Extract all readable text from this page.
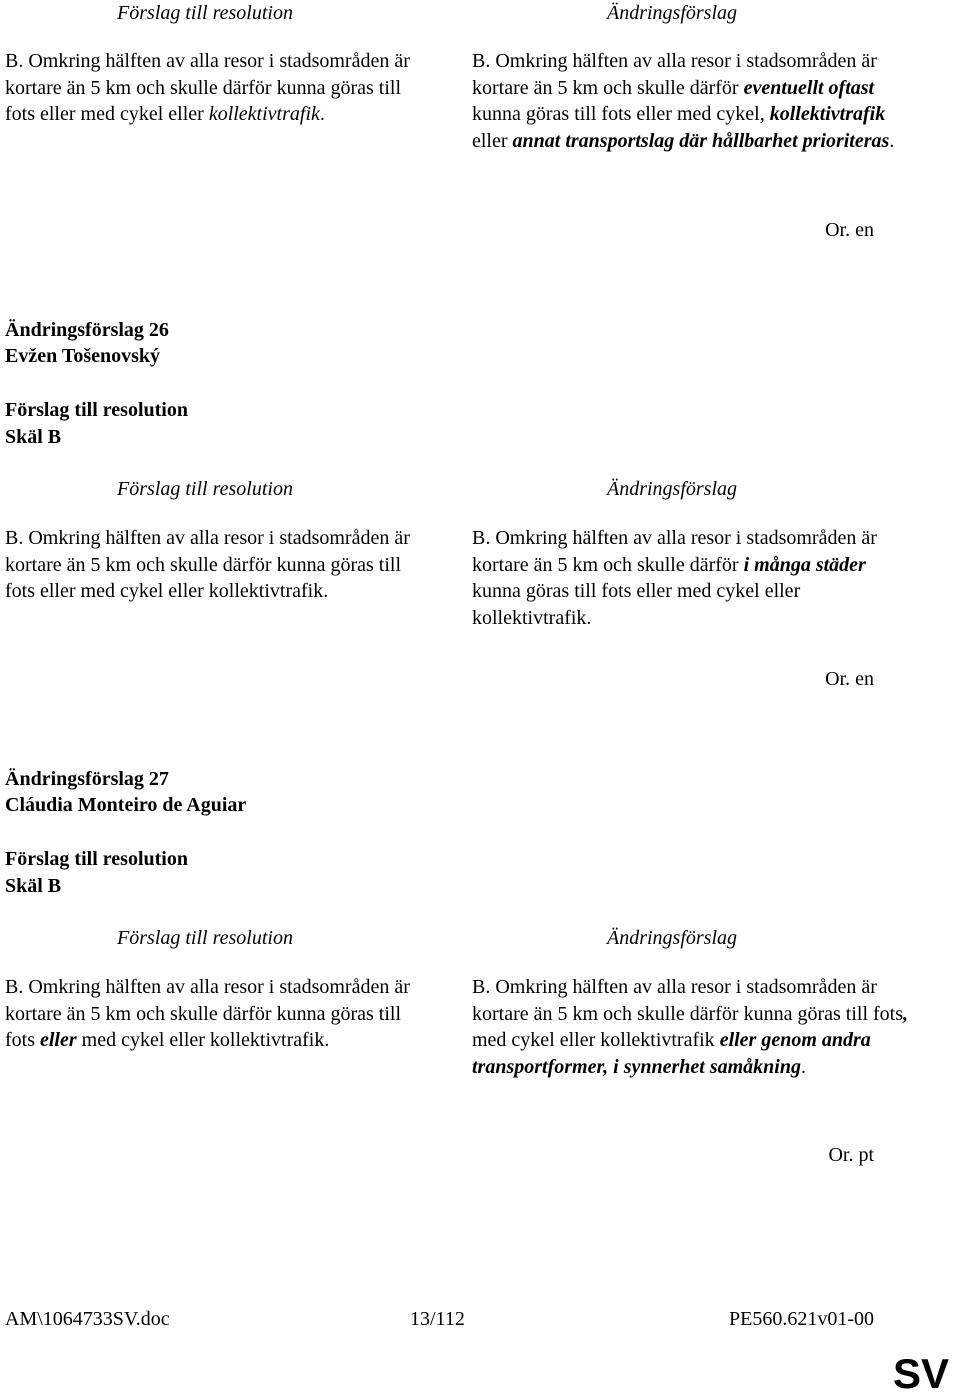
Förslag till resolution	Ändringsförslag
B. Omkring hälften av alla resor i stadsområden är kortare än 5 km och skulle därför kunna göras till fots eller med cykel eller kollektivtrafik.
B. Omkring hälften av alla resor i stadsområden är kortare än 5 km och skulle därför eventuellt oftast kunna göras till fots eller med cykel, kollektivtrafik eller annat transportslag där hållbarhet prioriteras.
Or. en
Ändringsförslag 26
Evžen Tošenovský
Förslag till resolution
Skäl B
Förslag till resolution	Ändringsförslag
B. Omkring hälften av alla resor i stadsområden är kortare än 5 km och skulle därför kunna göras till fots eller med cykel eller kollektivtrafik.
B. Omkring hälften av alla resor i stadsområden är kortare än 5 km och skulle därför i många städer kunna göras till fots eller med cykel eller kollektivtrafik.
Or. en
Ändringsförslag 27
Cláudia Monteiro de Aguiar
Förslag till resolution
Skäl B
Förslag till resolution	Ändringsförslag
B. Omkring hälften av alla resor i stadsområden är kortare än 5 km och skulle därför kunna göras till fots eller med cykel eller kollektivtrafik.
B. Omkring hälften av alla resor i stadsområden är kortare än 5 km och skulle därför kunna göras till fots, med cykel eller kollektivtrafik eller genom andra transportformer, i synnerhet samåkning.
Or. pt
AM\1064733SV.doc	13/112	PE560.621v01-00
SV
